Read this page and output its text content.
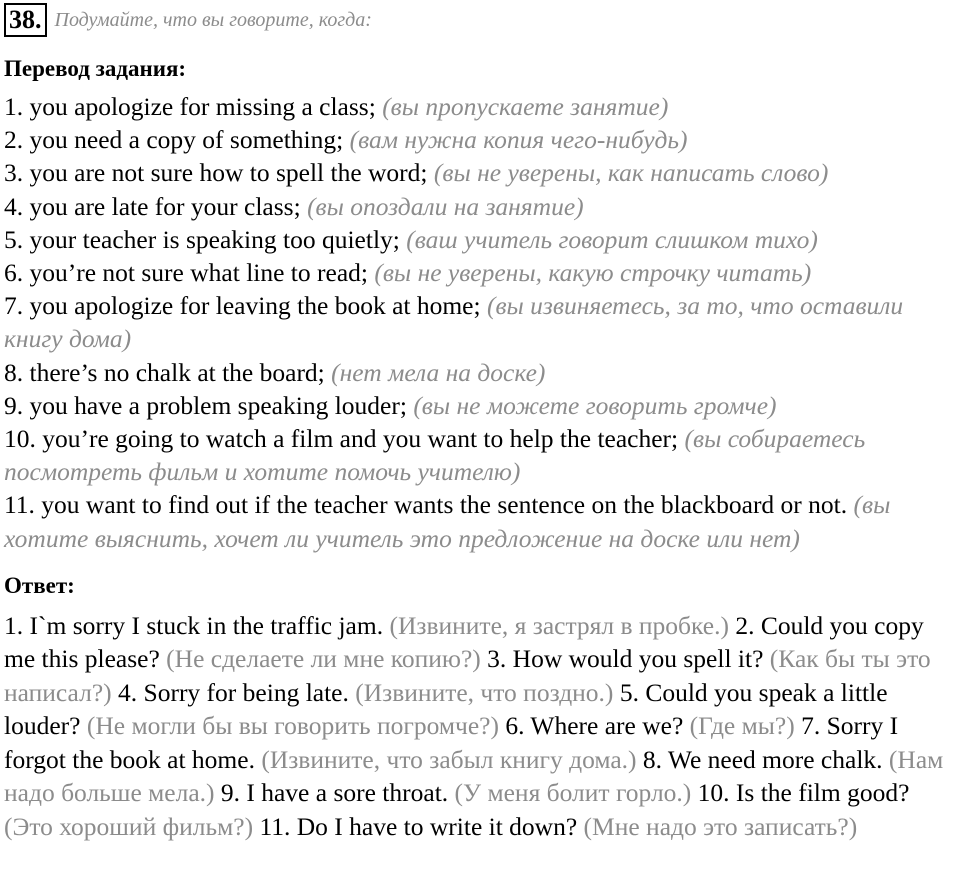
38. Подумайте, что вы говорите, когда:
Перевод задания:
1. you apologize for missing a class; (вы пропускаете занятие)
2. you need a copy of something; (вам нужна копия чего-нибудь)
3. you are not sure how to spell the word; (вы не уверены, как написать слово)
4. you are late for your class; (вы опоздали на занятие)
5. your teacher is speaking too quietly; (ваш учитель говорит слишком тихо)
6. you’re not sure what line to read; (вы не уверены, какую строчку читать)
7. you apologize for leaving the book at home; (вы извиняетесь, за то, что оставили книгу дома)
8. there’s no chalk at the board; (нет мела на доске)
9. you have a problem speaking louder; (вы не можете говорить громче)
10. you’re going to watch a film and you want to help the teacher; (вы собираетесь посмотреть фильм и хотите помочь учителю)
11. you want to find out if the teacher wants the sentence on the blackboard or not. (вы хотите выяснить, хочет ли учитель это предложение на доске или нет)
Ответ:
1. I`m sorry I stuck in the traffic jam. (Извините, я застрял в пробке.) 2. Could you copy me this please? (Не сделаете ли мне копию?) 3. How would you spell it? (Как бы ты это написал?) 4. Sorry for being late. (Извините, что поздно.) 5. Could you speak a little louder? (Не могли бы вы говорить погромче?) 6. Where are we? (Где мы?) 7. Sorry I forgot the book at home. (Извините, что забыл книгу дома.) 8. We need more chalk. (Нам надо больше мела.) 9. I have a sore throat. (У меня болит горло.) 10. Is the film good? (Это хороший фильм?) 11. Do I have to write it down? (Мне надо это записать?)
